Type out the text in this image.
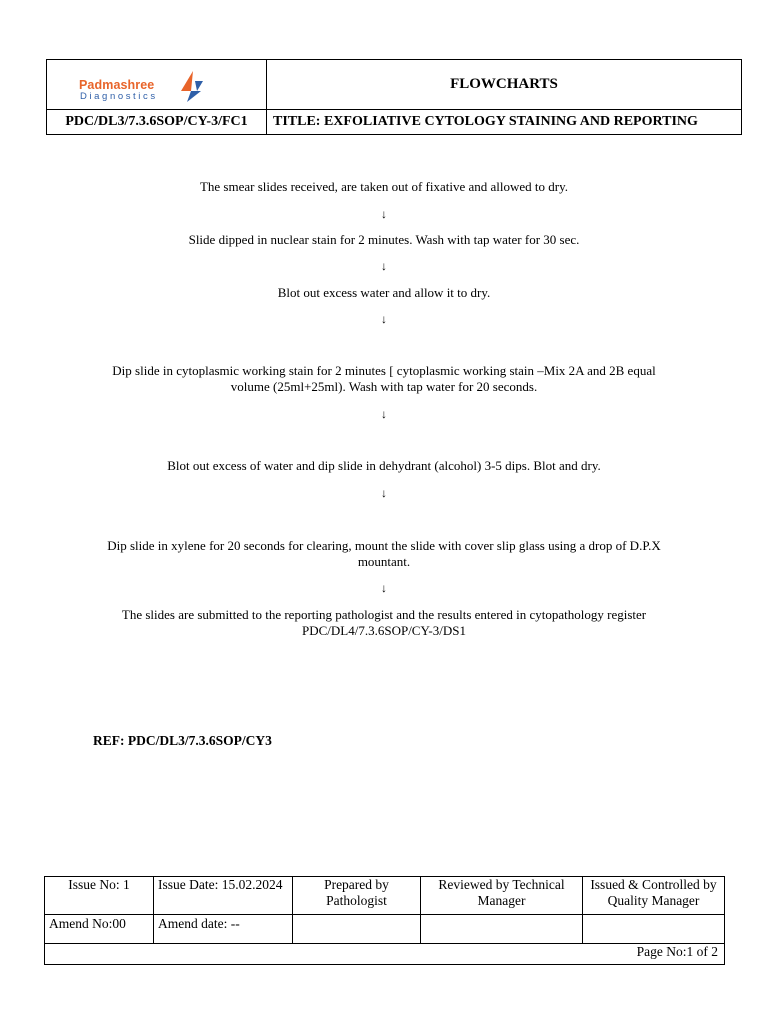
Padmashree
Diagnostics	FLOWCHARTS
PDC/DL3/7.3.6SOP/CY-3/FC1	TITLE: EXFOLIATIVE CYTOLOGY STAINING AND REPORTING
The smear slides received, are taken out of fixative and allowed to dry.
↓
Slide dipped in nuclear stain for 2 minutes. Wash with tap water for 30 sec.
↓
Blot out excess water and allow it to dry.
↓
Dip slide in cytoplasmic working stain for 2 minutes [ cytoplasmic working stain –Mix 2A and 2B equal volume (25ml+25ml). Wash with tap water for 20 seconds.
↓
Blot out excess of water and dip slide in dehydrant (alcohol) 3-5 dips. Blot and dry.
↓
Dip slide in xylene for 20 seconds for clearing, mount the slide with cover slip glass using a drop of D.P.X mountant.
↓
The slides are submitted to the reporting pathologist and the results entered in cytopathology register PDC/DL4/7.3.6SOP/CY-3/DS1
REF: PDC/DL3/7.3.6SOP/CY3
Issue No: 1	Issue Date: 15.02.2024	Prepared by Pathologist	Reviewed by Technical Manager	Issued & Controlled by Quality Manager
Amend No:00	Amend date: --			
Page No:1 of 2				
